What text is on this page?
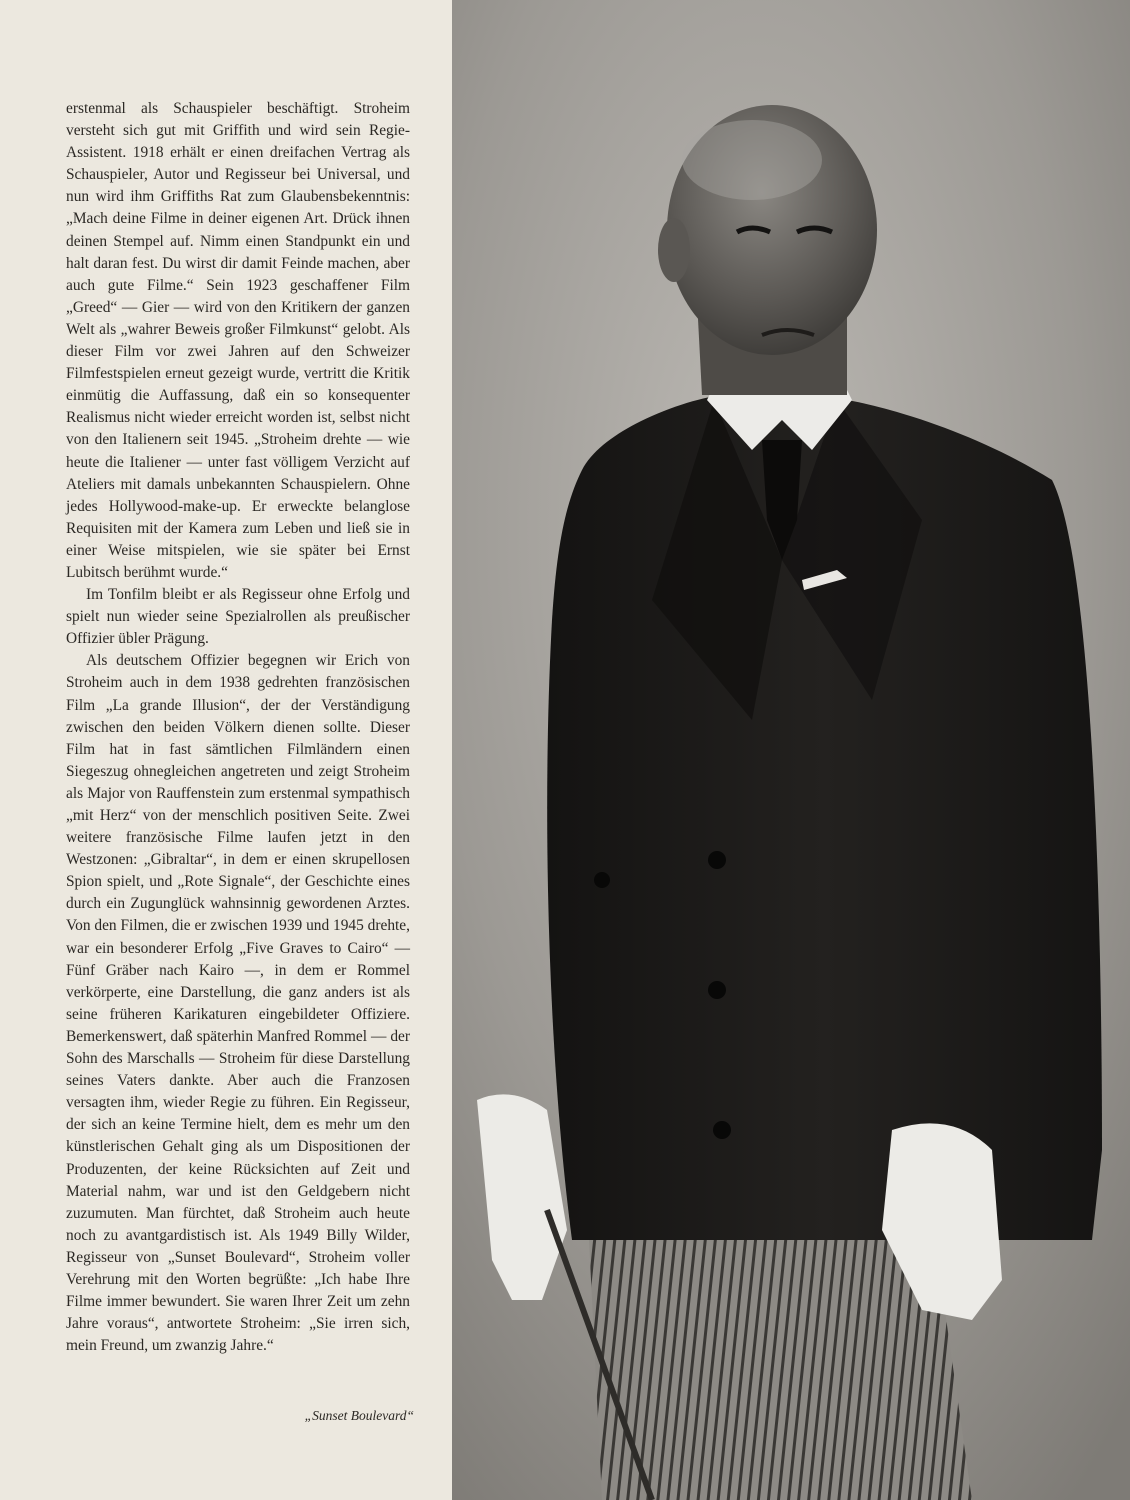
erstenmal als Schauspieler beschäftigt. Stroheim versteht sich gut mit Griffith und wird sein Regie-Assistent. 1918 erhält er einen dreifachen Vertrag als Schauspieler, Autor und Regisseur bei Universal, und nun wird ihm Griffiths Rat zum Glaubensbekenntnis: „Mach deine Filme in deiner eigenen Art. Drück ihnen deinen Stempel auf. Nimm einen Standpunkt ein und halt daran fest. Du wirst dir damit Feinde machen, aber auch gute Filme.“ Sein 1923 geschaffener Film „Greed“ — Gier — wird von den Kritikern der ganzen Welt als „wahrer Beweis großer Filmkunst“ gelobt. Als dieser Film vor zwei Jahren auf den Schweizer Filmfestspielen erneut gezeigt wurde, vertritt die Kritik einmütig die Auffassung, daß ein so konsequenter Realismus nicht wieder erreicht worden ist, selbst nicht von den Italienern seit 1945. „Stroheim drehte — wie heute die Italiener — unter fast völligem Verzicht auf Ateliers mit damals unbekannten Schauspielern. Ohne jedes Hollywood-make-up. Er erweckte belanglose Requisiten mit der Kamera zum Leben und ließ sie in einer Weise mitspielen, wie sie später bei Ernst Lubitsch berühmt wurde.“

Im Tonfilm bleibt er als Regisseur ohne Erfolg und spielt nun wieder seine Spezialrollen als preußischer Offizier übler Prägung.

Als deutschem Offizier begegnen wir Erich von Stroheim auch in dem 1938 gedrehten französischen Film „La grande Illusion“, der der Verständigung zwischen den beiden Völkern dienen sollte. Dieser Film hat in fast sämtlichen Filmländern einen Siegeszug ohnegleichen angetreten und zeigt Stroheim als Major von Rauffenstein zum erstenmal sympathisch „mit Herz“ von der menschlich positiven Seite. Zwei weitere französische Filme laufen jetzt in den Westzonen: „Gibraltar“, in dem er einen skrupellosen Spion spielt, und „Rote Signale“, der Geschichte eines durch ein Zugunglück wahnsinnig gewordenen Arztes. Von den Filmen, die er zwischen 1939 und 1945 drehte, war ein besonderer Erfolg „Five Graves to Cairo“ — Fünf Gräber nach Kairo —, in dem er Rommel verkörperte, eine Darstellung, die ganz anders ist als seine früheren Karikaturen eingebildeter Offiziere. Bemerkenswert, daß späterhin Manfred Rommel — der Sohn des Marschalls — Stroheim für diese Darstellung seines Vaters dankte. Aber auch die Franzosen versagten ihm, wieder Regie zu führen. Ein Regisseur, der sich an keine Termine hielt, dem es mehr um den künstlerischen Gehalt ging als um Dispositionen der Produzenten, der keine Rücksichten auf Zeit und Material nahm, war und ist den Geldgebern nicht zuzumuten. Man fürchtet, daß Stroheim auch heute noch zu avantgardistisch ist. Als 1949 Billy Wilder, Regisseur von „Sunset Boulevard“, Stroheim voller Verehrung mit den Worten begrüßte: „Ich habe Ihre Filme immer bewundert. Sie waren Ihrer Zeit um zehn Jahre voraus“, antwortete Stroheim: „Sie irren sich, mein Freund, um zwanzig Jahre.“

„Sunset Boulevard“
